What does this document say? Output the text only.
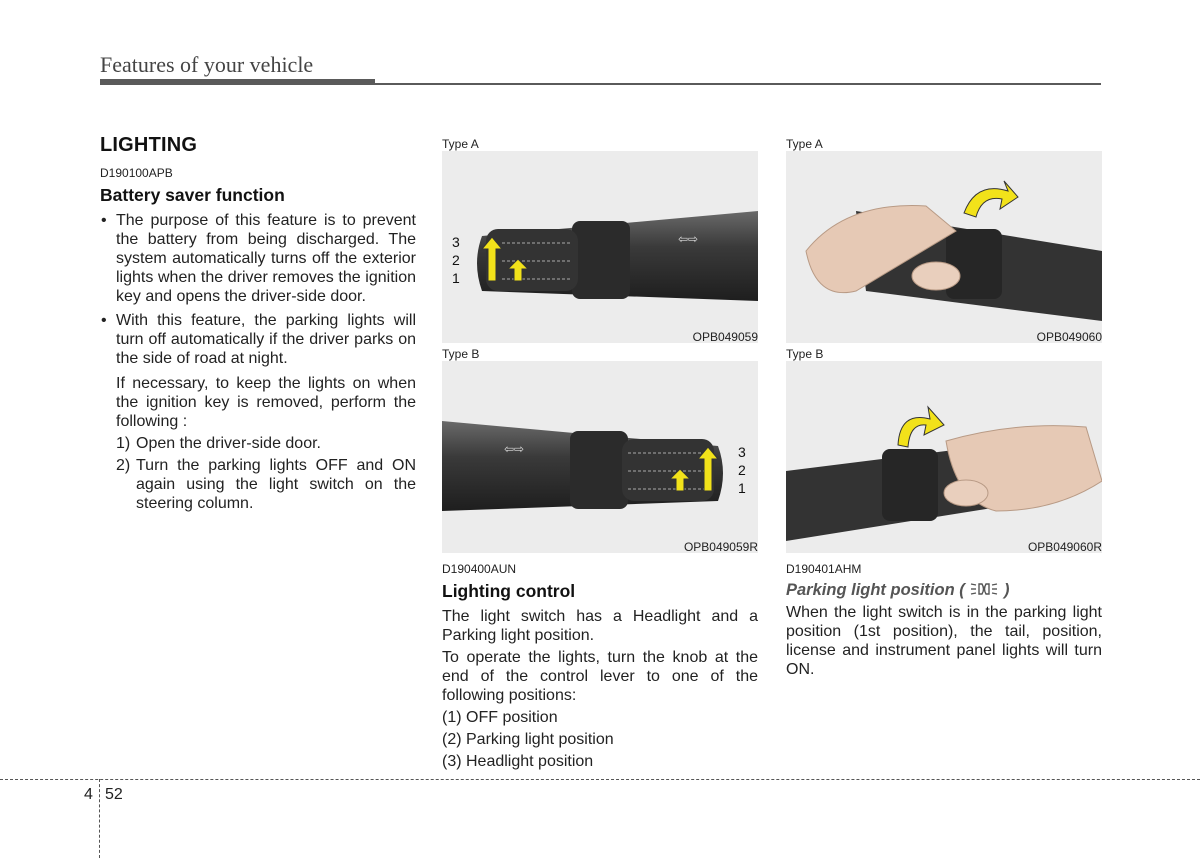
Features of your vehicle
LIGHTING
D190100APB
Battery saver function
• The purpose of this feature is to prevent the battery from being discharged. The system automatically turns off the exterior lights when the driver removes the ignition key and opens the driver-side door.
• With this feature, the parking lights will turn off automatically if the driver parks on the side of road at night.
If necessary, to keep the lights on when the ignition key is removed, perform the following :
1) Open the driver-side door.
2) Turn the parking lights OFF and ON again using the light switch on the steering column.
Type A
⇦⇨
3
2
1
OPB049059
Type B
⇦⇨	3
2
1
OPB049059R
Type A
OPB049060
Type B
OPB049060R
D190400AUN
Lighting control
The light switch has a Headlight and a Parking light position.
To operate the lights, turn the knob at the end of the control lever to one of the following positions:
(1) OFF position
(2) Parking light position
(3) Headlight position
D190401AHM
Parking light position ( )
When the light switch is in the parking light position (1st position), the tail, position, license and instrument panel lights will turn ON.
4 52
